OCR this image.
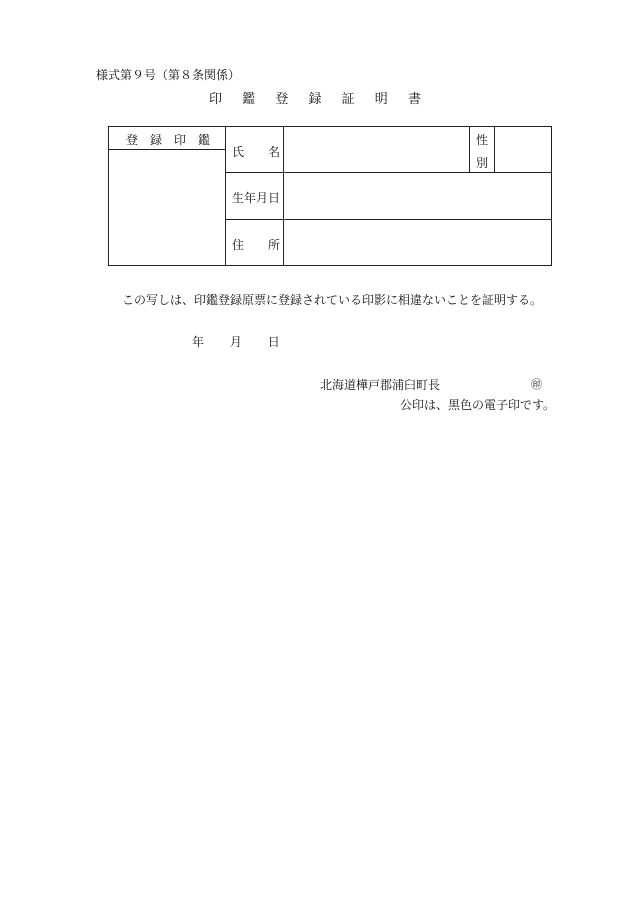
様式第９号（第８条関係）
印 鑑 登 録 証 明 書
登　録　印　鑑
氏　　名
性
別
生年月日
住　　所
この写しは、印鑑登録原票に登録されている印影に相違ないことを証明する。
年 月 日
北海道樺戸郡浦臼町長	㊞
公印は、黒色の電子印です。
